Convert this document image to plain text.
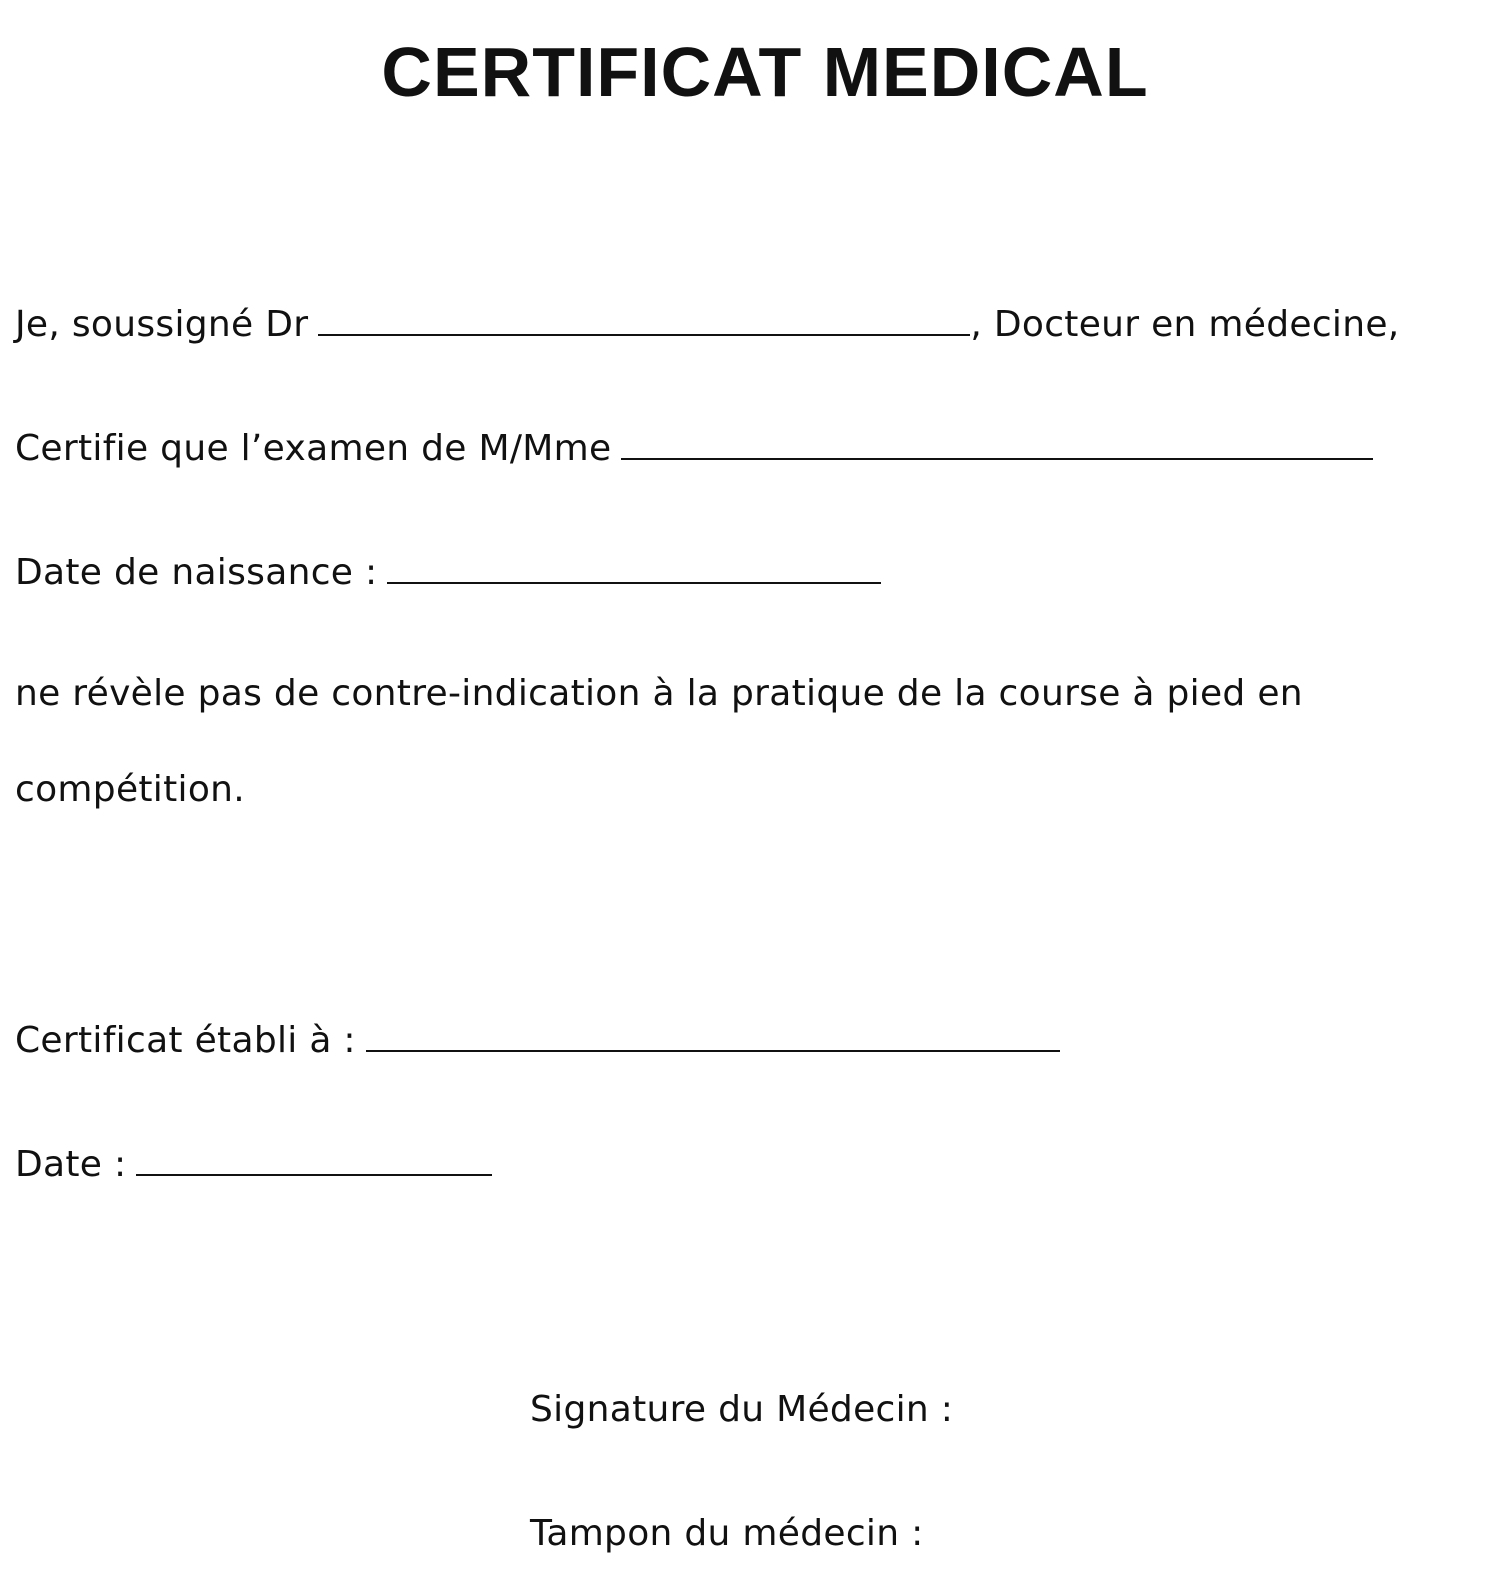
CERTIFICAT MEDICAL
Je, soussigné Dr	, Docteur en médecine,
Certifie que l’examen de M/Mme
Date de naissance :
ne révèle pas de contre-indication à la pratique de la course à pied en
compétition.
Certificat établi à :
Date :
Signature du Médecin :
Tampon du médecin :
